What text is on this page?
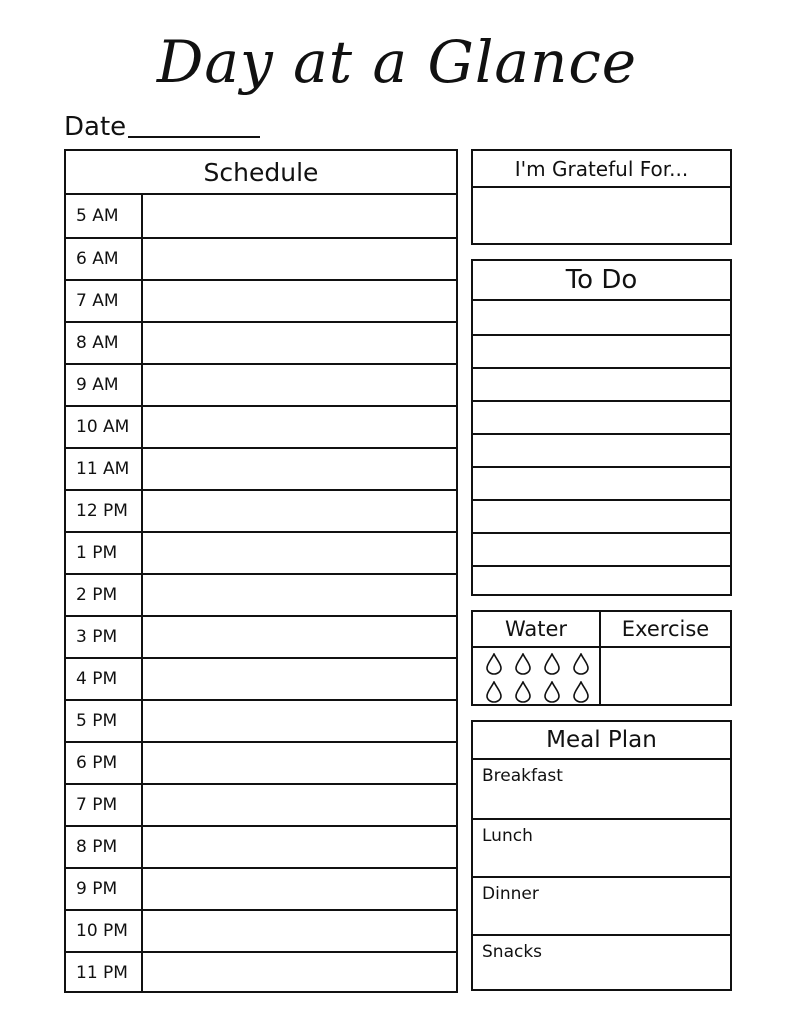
Day at a Glance
Date
Schedule
5 AM
6 AM
7 AM
8 AM
9 AM
10 AM
11 AM
12 PM
1 PM
2 PM
3 PM
4 PM
5 PM
6 PM
7 PM
8 PM
9 PM
10 PM
11 PM
I'm Grateful For...
To Do
Water	Exercise
Meal Plan
Breakfast
Lunch
Dinner
Snacks
